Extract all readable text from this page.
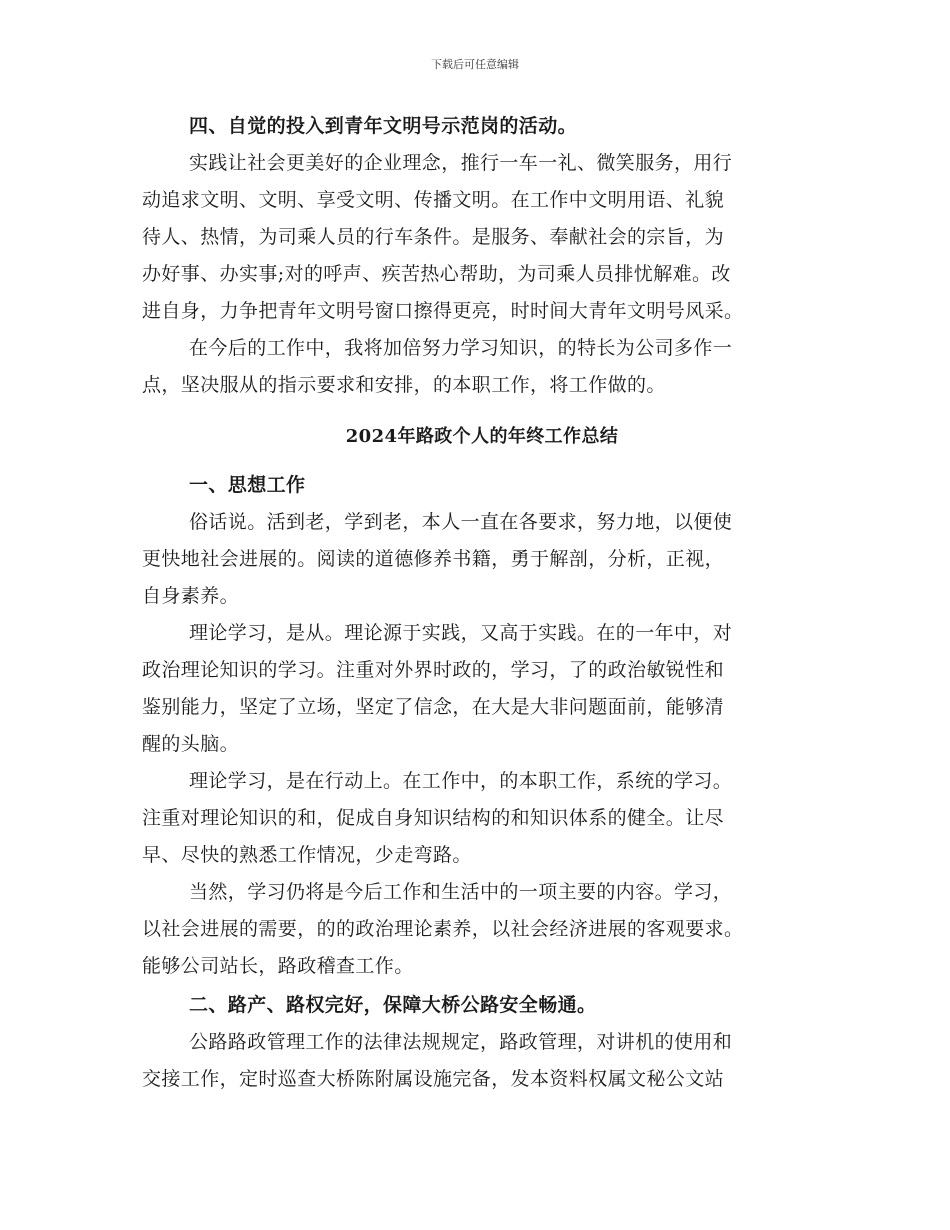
下载后可任意编辑
四、自觉的投入到青年文明号示范岗的活动。
实践让社会更美好的企业理念，推行一车一礼、微笑服务，用行
动追求文明、文明、享受文明、传播文明。在工作中文明用语、礼貌
待人、热情，为司乘人员的行车条件。是服务、奉献社会的宗旨，为
办好事、办实事;对的呼声、疾苦热心帮助，为司乘人员排忧解难。改
进自身，力争把青年文明号窗口擦得更亮，时时间大青年文明号风采。
在今后的工作中，我将加倍努力学习知识，的特长为公司多作一
点，坚决服从的指示要求和安排，的本职工作，将工作做的。
2024年路政个人的年终工作总结
一、思想工作
俗话说。活到老，学到老，本人一直在各要求，努力地，以便使
更快地社会进展的。阅读的道德修养书籍，勇于解剖，分析，正视，
自身素养。
理论学习，是从。理论源于实践，又高于实践。在的一年中，对
政治理论知识的学习。注重对外界时政的，学习，了的政治敏锐性和
鉴别能力，坚定了立场，坚定了信念，在大是大非问题面前，能够清
醒的头脑。
理论学习，是在行动上。在工作中，的本职工作，系统的学习。
注重对理论知识的和，促成自身知识结构的和知识体系的健全。让尽
早、尽快的熟悉工作情况，少走弯路。
当然，学习仍将是今后工作和生活中的一项主要的内容。学习，
以社会进展的需要，的的政治理论素养，以社会经济进展的客观要求。
能够公司站长，路政稽查工作。
二、路产、路权完好，保障大桥公路安全畅通。
公路路政管理工作的法律法规规定，路政管理，对讲机的使用和
交接工作，定时巡查大桥陈附属设施完备，发本资料权属文秘公文站
